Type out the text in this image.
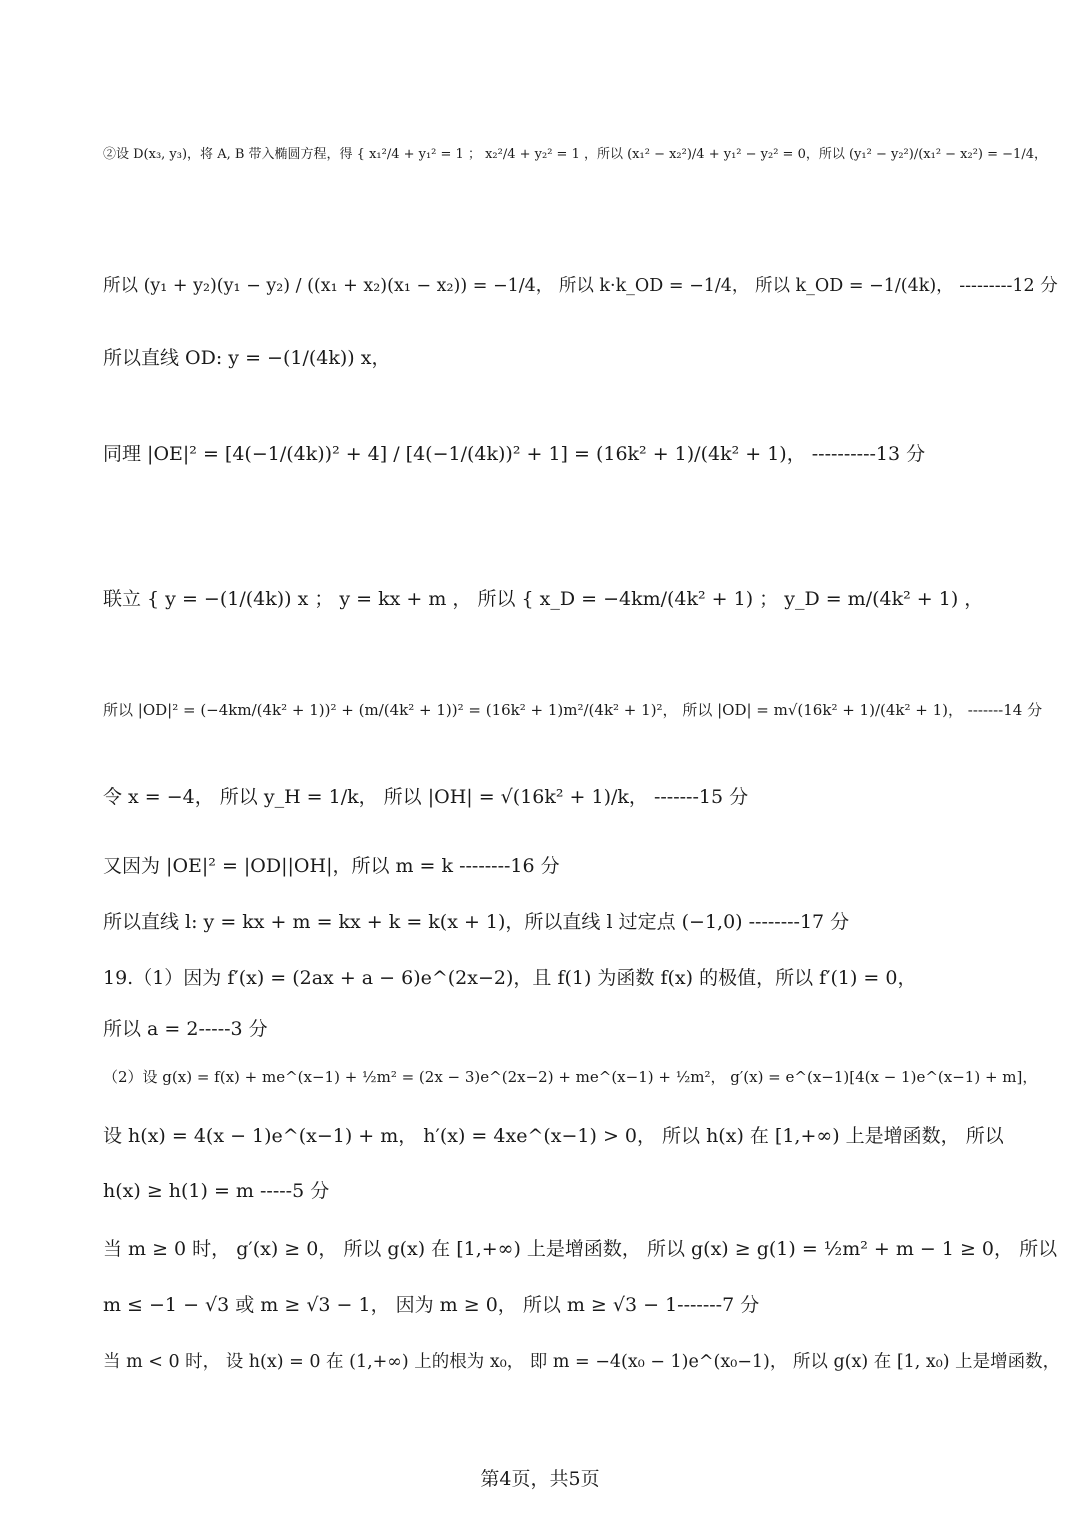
②设 D(x₃, y₃)，将 A, B 带入椭圆方程，得 { x₁²/4 + y₁² = 1 ； x₂²/4 + y₂² = 1 ，所以 (x₁² − x₂²)/4 + y₁² − y₂² = 0，所以 (y₁² − y₂²)/(x₁² − x₂²) = −1/4，
所以 (y₁ + y₂)(y₁ − y₂) / ((x₁ + x₂)(x₁ − x₂)) = −1/4， 所以 k·k_OD = −1/4， 所以 k_OD = −1/(4k)， ---------12 分
所以直线 OD: y = −(1/(4k)) x，
同理 |OE|² = [4(−1/(4k))² + 4] / [4(−1/(4k))² + 1] = (16k² + 1)/(4k² + 1)， ----------13 分
联立 { y = −(1/(4k)) x ； y = kx + m ， 所以 { x_D = −4km/(4k² + 1) ； y_D = m/(4k² + 1) ，
所以 |OD|² = (−4km/(4k² + 1))² + (m/(4k² + 1))² = (16k² + 1)m²/(4k² + 1)²， 所以 |OD| = m√(16k² + 1)/(4k² + 1)， -------14 分
令 x = −4， 所以 y_H = 1/k， 所以 |OH| = √(16k² + 1)/k， -------15 分
又因为 |OE|² = |OD||OH|，所以 m = k --------16 分
所以直线 l: y = kx + m = kx + k = k(x + 1)，所以直线 l 过定点 (−1,0) --------17 分
19.（1）因为 f′(x) = (2ax + a − 6)e^(2x−2)，且 f(1) 为函数 f(x) 的极值，所以 f′(1) = 0，
所以 a = 2-----3 分
（2）设 g(x) = f(x) + me^(x−1) + ½m² = (2x − 3)e^(2x−2) + me^(x−1) + ½m²， g′(x) = e^(x−1)[4(x − 1)e^(x−1) + m]，
设 h(x) = 4(x − 1)e^(x−1) + m， h′(x) = 4xe^(x−1) > 0， 所以 h(x) 在 [1,+∞) 上是增函数， 所以
h(x) ≥ h(1) = m -----5 分
当 m ≥ 0 时， g′(x) ≥ 0， 所以 g(x) 在 [1,+∞) 上是增函数， 所以 g(x) ≥ g(1) = ½m² + m − 1 ≥ 0， 所以
m ≤ −1 − √3 或 m ≥ √3 − 1， 因为 m ≥ 0， 所以 m ≥ √3 − 1-------7 分
当 m < 0 时， 设 h(x) = 0 在 (1,+∞) 上的根为 x₀， 即 m = −4(x₀ − 1)e^(x₀−1)， 所以 g(x) 在 [1, x₀) 上是增函数，
第4页，共5页
